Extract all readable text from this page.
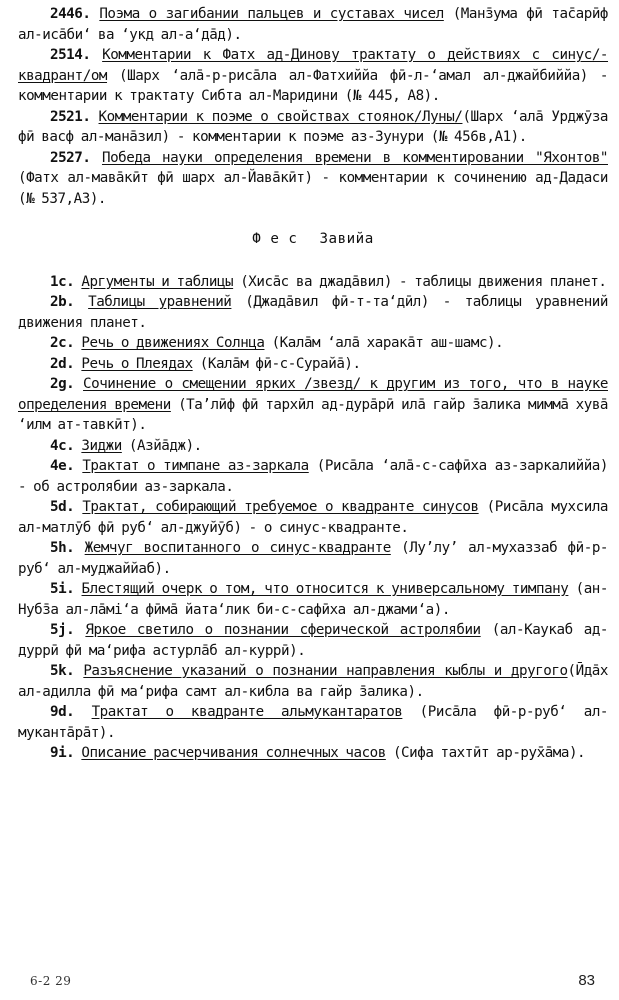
2446. Поэма о загибании пальцев и суставах чисел (Манз̄ума фӣ тас̄арӣф ал-иса̄би‘ ва ‘укд ал-а‘да̄д).

2514. Комментарии к Фатх ад-Динову трактату о действиях с синус/-квадрант/ом (Шарх ‘ала̄-р-риса̄ла ал-Фатхиййа фӣ-л-‘амал ал-джайбиййа) - комментарии к трактату Сибта ал-Маридини (№ 445, А8).

2521. Комментарии к поэме о свойствах стоянок/Луны/(Шарх ‘ала̄ Урджӯза фӣ васф ал-мана̄зил) - комментарии к поэме аз-Зунури (№ 456в,А1).

2527. Победа науки определения времени в комментировании "Яхонтов" (Фатх ал-мава̄кӣт фӣ шарх ал-Йава̄кӣт) - комментарии к сочинению ад-Дадаси (№ 537,А3).

Ф е с Завийа

1с. Аргументы и таблицы (Хиса̄с ва джада̄вил) - таблицы движения планет.

2b. Таблицы уравнений (Джада̄вил фӣ-т-та‘дӣл) - таблицы уравнений движения планет.

2с. Речь о движениях Солнца (Кала̄м ‘ала̄ харака̄т аш-шамс).

2d. Речь о Плеядах (Кала̄м фӣ-с-Сурайа̄).

2g. Сочинение о смещении ярких /звезд/ к другим из того, что в науке определения времени (Та’лӣф фӣ тархӣл ад-дура̄рӣ ила̄ гайр з̄алика мимма̄ хува̄ ‘илм ат-тавкӣт).

4с. Зиджи (Азйа̄дж).

4е. Трактат о тимпане аз-заркала (Риса̄ла ‘ала̄-с-сафӣха аз-заркалиййа) - об астролябии аз-заркала.

5d. Трактат, собирающий требуемое о квадранте синусов (Риса̄ла мухсила ал-матлӯб фӣ руб‘ ал-джуйӯб) - о синус-квадранте.

5h. Жемчуг воспитанного о синус-квадранте (Лу’лу’ ал-мухаззаб фӣ-р-руб‘ ал-муджаййаб).

5i. Блестящий очерк о том, что относится к универсальному тимпану (ан-Нубз̄а ал-ла̄мi‘а фӣма̄ йата‘лик би-с-сафӣха ал-джами‘а).

5j. Яркое светило о познании сферической астролябии (ал-Каукаб ад-дуррӣ фӣ ма‘рифа астурла̄б ал-куррӣ).

5k. Разъяснение указаний о познании направления кыблы и другого(Ӣда̄х ал-адилла фӣ ма‘рифа самт ал-кибла ва гайр з̄алика).

9d. Трактат о квадранте альмукантаратов (Риса̄ла фӣ-р-руб‘ ал-муканта̄ра̄т).

9i. Описание расчерчивания солнечных часов (Сифа тахтӣт ар-рух̄а̄ма).

6-2 29	83
